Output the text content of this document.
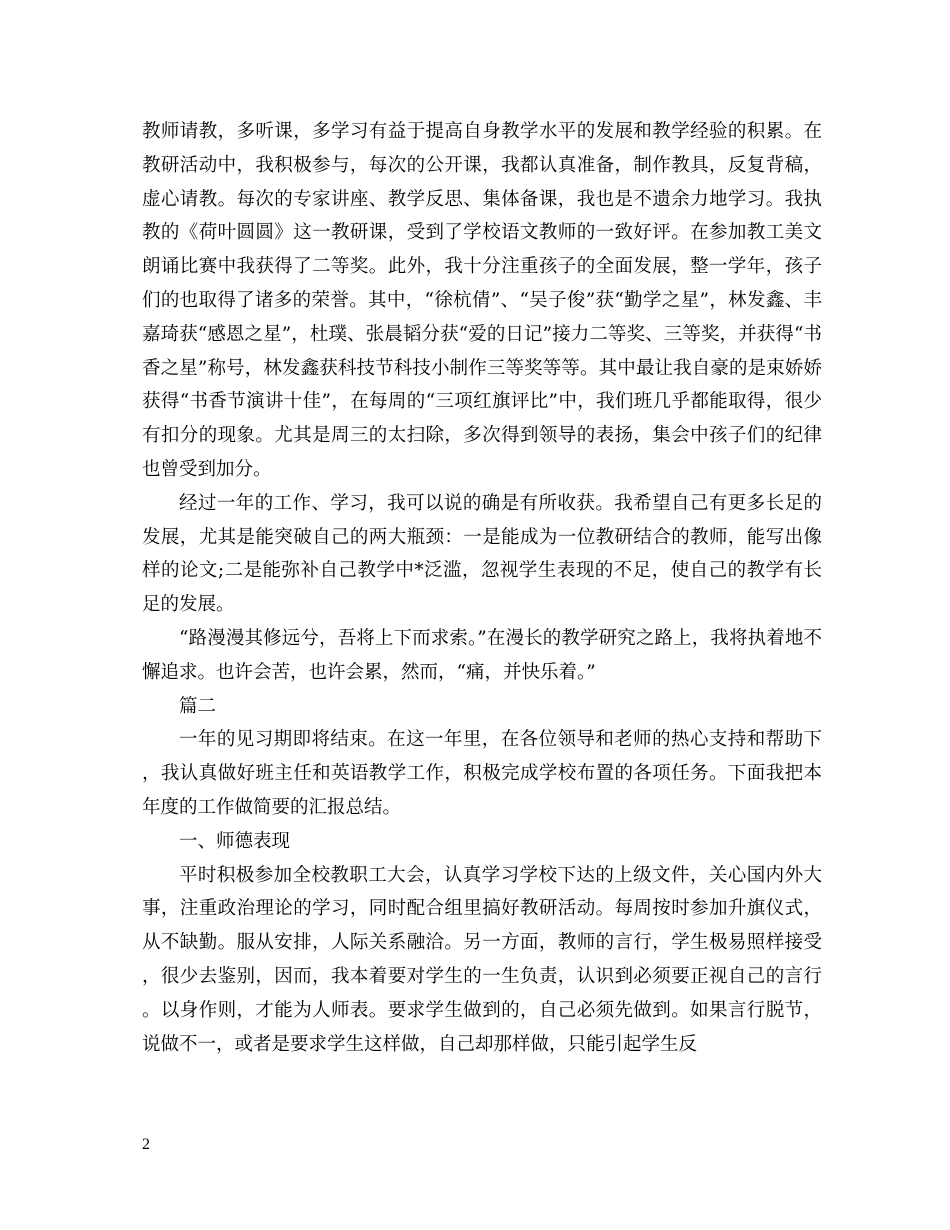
教师请教，多听课，多学习有益于提高自身教学水平的发展和教学经验的积累。在教研活动中，我积极参与，每次的公开课，我都认真准备，制作教具，反复背稿，虚心请教。每次的专家讲座、教学反思、集体备课，我也是不遗余力地学习。我执教的《荷叶圆圆》这一教研课，受到了学校语文教师的一致好评。在参加教工美文朗诵比赛中我获得了二等奖。此外，我十分注重孩子的全面发展，整一学年，孩子们的也取得了诸多的荣誉。其中，“徐杭倩”、“吴子俊”获“勤学之星”，林发鑫、丰嘉琦获“感恩之星”，杜璞、张晨韬分获“爱的日记”接力二等奖、三等奖，并获得“书香之星”称号，林发鑫获科技节科技小制作三等奖等等。其中最让我自豪的是束娇娇获得“书香节演讲十佳”，在每周的“三项红旗评比”中，我们班几乎都能取得，很少有扣分的现象。尤其是周三的太扫除，多次得到领导的表扬，集会中孩子们的纪律也曾受到加分。

经过一年的工作、学习，我可以说的确是有所收获。我希望自己有更多长足的发展，尤其是能突破自己的两大瓶颈：一是能成为一位教研结合的教师，能写出像样的论文;二是能弥补自己教学中*泛滥，忽视学生表现的不足，使自己的教学有长足的发展。

“路漫漫其修远兮，吾将上下而求索。”在漫长的教学研究之路上，我将执着地不懈追求。也许会苦，也许会累，然而，“痛，并快乐着。”

篇二

一年的见习期即将结束。在这一年里，在各位领导和老师的热心支持和帮助下，我认真做好班主任和英语教学工作，积极完成学校布置的各项任务。下面我把本年度的工作做简要的汇报总结。

一、师德表现

平时积极参加全校教职工大会，认真学习学校下达的上级文件，关心国内外大事，注重政治理论的学习，同时配合组里搞好教研活动。每周按时参加升旗仪式，从不缺勤。服从安排，人际关系融洽。另一方面，教师的言行，学生极易照样接受，很少去鉴别，因而，我本着要对学生的一生负责，认识到必须要正视自己的言行。以身作则，才能为人师表。要求学生做到的，自己必须先做到。如果言行脱节，说做不一，或者是要求学生这样做，自己却那样做，只能引起学生反

2
